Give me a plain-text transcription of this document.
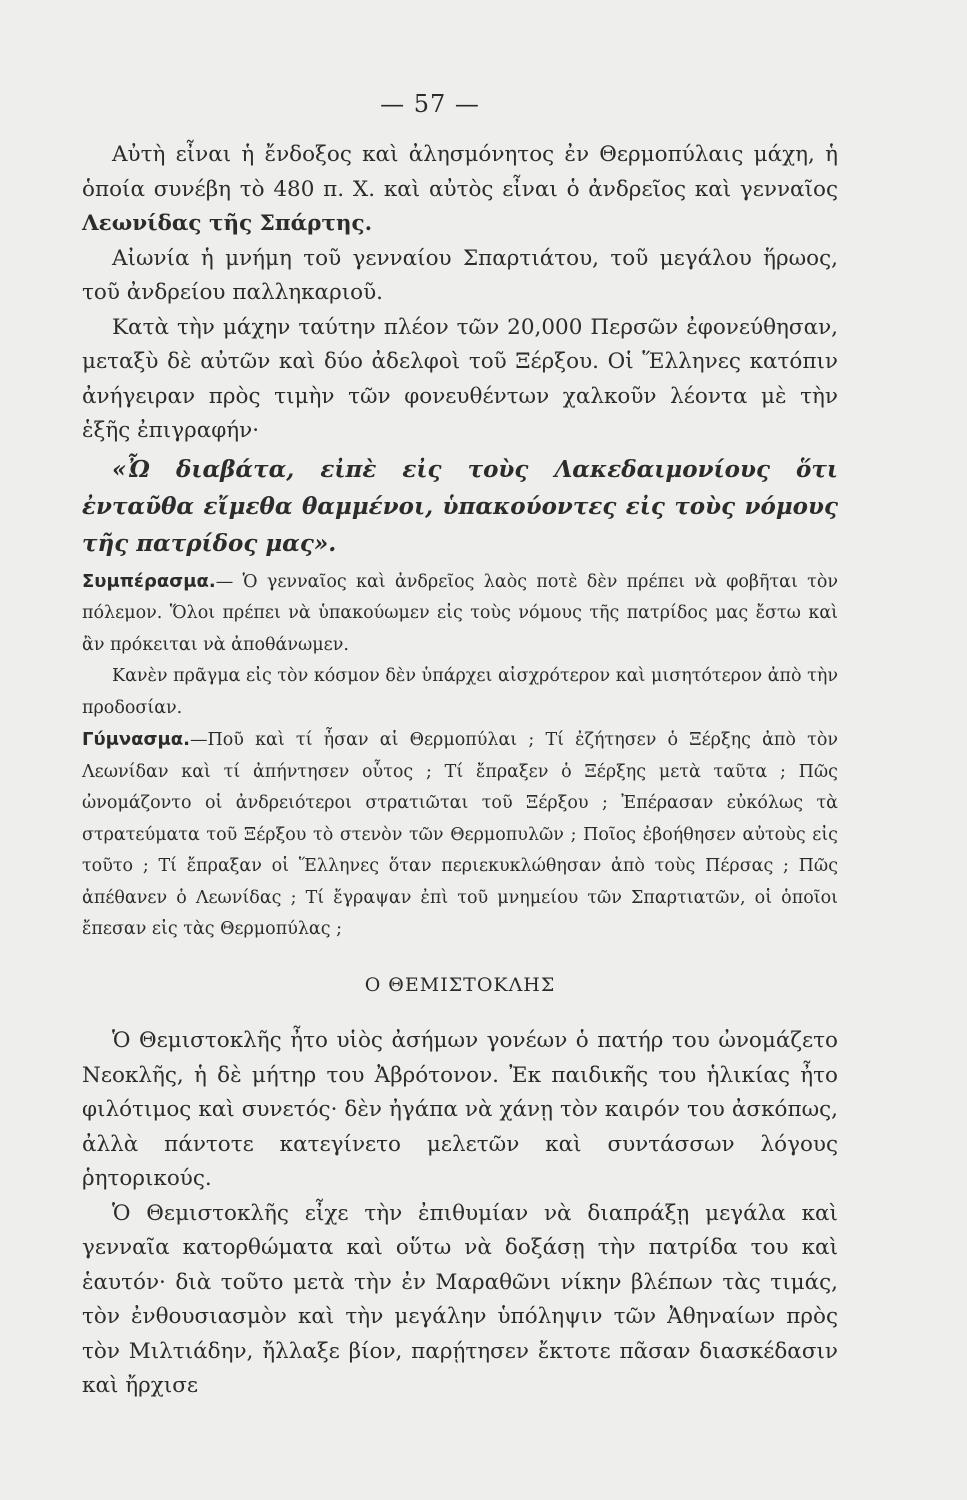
— 57 —

Αὐτὴ εἶναι ἡ ἔνδοξος καὶ ἀλησμόνητος ἐν Θερμοπύλαις μάχη, ἡ ὁποία συνέβη τὸ 480 π. Χ. καὶ αὐτὸς εἶναι ὁ ἀνδρεῖος καὶ γενναῖος Λεωνίδας τῆς Σπάρτης.

Αἰωνία ἡ μνήμη τοῦ γενναίου Σπαρτιάτου, τοῦ μεγάλου ἥρωος, τοῦ ἀνδρείου παλληκαριοῦ.

Κατὰ τὴν μάχην ταύτην πλέον τῶν 20,000 Περσῶν ἐφονεύθησαν, μεταξὺ δὲ αὐτῶν καὶ δύο ἀδελφοὶ τοῦ Ξέρξου. Οἱ Ἕλληνες κατόπιν ἀνήγειραν πρὸς τιμὴν τῶν φονευθέντων χαλκοῦν λέοντα μὲ τὴν ἑξῆς ἐπιγραφήν·

«Ὦ διαβάτα, εἰπὲ εἰς τοὺς Λακεδαιμονίους ὅτι ἐνταῦθα εἴμεθα θαμμένοι, ὑπακούοντες εἰς τοὺς νόμους τῆς πατρίδος μας».

Συμπέρασμα.— Ὁ γενναῖος καὶ ἀνδρεῖος λαὸς ποτὲ δὲν πρέπει νὰ φοβῆται τὸν πόλεμον. Ὅλοι πρέπει νὰ ὑπακούωμεν εἰς τοὺς νόμους τῆς πατρίδος μας ἔστω καὶ ἂν πρόκειται νὰ ἀποθάνωμεν.

Κανὲν πρᾶγμα εἰς τὸν κόσμον δὲν ὑπάρχει αἰσχρότερον καὶ μισητότερον ἀπὸ τὴν προδοσίαν.

Γύμνασμα.—Ποῦ καὶ τί ἦσαν αἱ Θερμοπύλαι ; Τί ἐζήτησεν ὁ Ξέρξης ἀπὸ τὸν Λεωνίδαν καὶ τί ἀπήντησεν οὗτος ; Τί ἔπραξεν ὁ Ξέρξης μετὰ ταῦτα ; Πῶς ὠνομάζοντο οἱ ἀνδρειότεροι στρατιῶται τοῦ Ξέρξου ; Ἐπέρασαν εὐκόλως τὰ στρατεύματα τοῦ Ξέρξου τὸ στενὸν τῶν Θερμοπυλῶν ; Ποῖος ἐβοήθησεν αὐτοὺς εἰς τοῦτο ; Τί ἔπραξαν οἱ Ἕλληνες ὅταν περιεκυκλώθησαν ἀπὸ τοὺς Πέρσας ; Πῶς ἀπέθανεν ὁ Λεωνίδας ; Τί ἔγραψαν ἐπὶ τοῦ μνημείου τῶν Σπαρτιατῶν, οἱ ὁποῖοι ἔπεσαν εἰς τὰς Θερμοπύλας ;

Ο ΘΕΜΙΣΤΟΚΛΗΣ

Ὁ Θεμιστοκλῆς ἦτο υἱὸς ἀσήμων γονέων ὁ πατήρ του ὠνομάζετο Νεοκλῆς, ἡ δὲ μήτηρ του Ἀβρότονον. Ἐκ παιδικῆς του ἡλικίας ἦτο φιλότιμος καὶ συνετός· δὲν ἠγάπα νὰ χάνῃ τὸν καιρόν του ἀσκόπως, ἀλλὰ πάντοτε κατεγίνετο μελετῶν καὶ συντάσσων λόγους ῥητορικούς.

Ὁ Θεμιστοκλῆς εἶχε τὴν ἐπιθυμίαν νὰ διαπράξῃ μεγάλα καὶ γενναῖα κατορθώματα καὶ οὕτω νὰ δοξάσῃ τὴν πατρίδα του καὶ ἑαυτόν· διὰ τοῦτο μετὰ τὴν ἐν Μαραθῶνι νίκην βλέπων τὰς τιμάς, τὸν ἐνθουσιασμὸν καὶ τὴν μεγάλην ὑπόληψιν τῶν Ἀθηναίων πρὸς τὸν Μιλτιάδην, ἤλλαξε βίον, παρῄτησεν ἔκτοτε πᾶσαν διασκέδασιν καὶ ἤρχισε
